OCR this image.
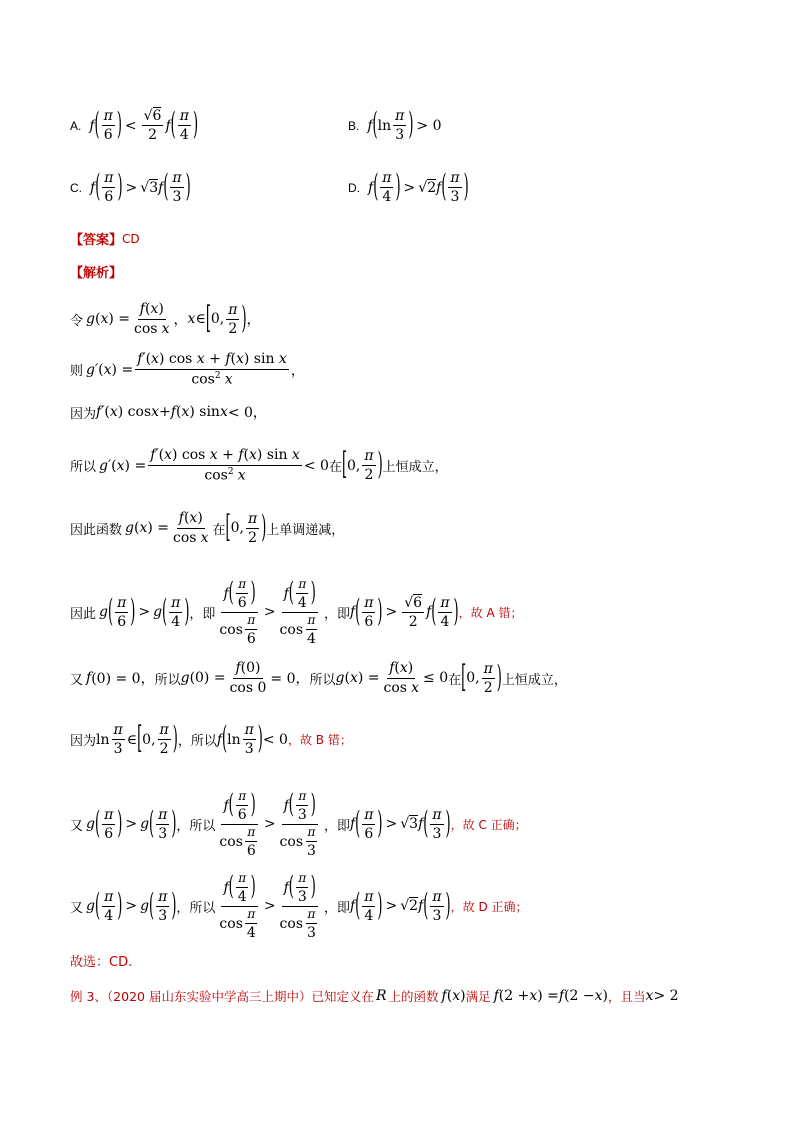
A. f ( $\frac{\pi}{6}$ ) < $\frac{√6}{2}$ f ( $\frac{\pi}{4}$ )	B. f ( $\ln \frac{\pi}{3}$ ) > 0
C. f ( $\frac{\pi}{6}$ ) > √3 f ( $\frac{\pi}{3}$ )	D. f ( $\frac{\pi}{4}$ ) > √2 f ( $\frac{\pi}{3}$ )
【答案】 CD
【解析】
令 g ( x ) = $\frac{f(x)}{\text{cos x}}$ ， x ∈ [ 0, $\frac{\pi}{2}$ ) ，
则 g′ ( x ) = $\frac{\text{f′(x) cos x + f(x) sin x}}{\cos^2 x}$ ，
因为 f′ ( x ) cos x + f ( x ) sin x < 0，
所以 g′ ( x ) = $\frac{\text{f′(x) cos x + f(x) sin x}}{\cos^2 x} < 0$ 在 [ 0, $\frac{\pi}{2}$ ) 上恒成立，
因此函数 g ( x ) = $\frac{f(x)}{\text{cos x}}$ 在 [ 0, $\frac{\pi}{2}$ ) 上单调递减，
因此 g ( $\frac{\pi}{6}$ ) > g ( $\frac{\pi}{4}$ ) ，即 $\frac{f( \frac{\pi}{6} )}{\cos \frac{\pi}{6}} > \frac{f( \frac{\pi}{4} )}{\cos \frac{\pi}{4}}$ ，即 f ( $\frac{\pi}{6}$ ) > $\frac{√6}{2}$ f ( $\frac{\pi}{4}$ ) ，故 A 错；
又 f (0) = 0， 所以 g $(0) = \frac{f(0)}{\cos 0} = 0$， 所以 g ( x ) = $\frac{f(x)}{\text{cos x}} \le 0$ 在 [ 0, $\frac{\pi}{2}$ ) 上恒成立，
因为 $\ln \frac{\pi}{3}$ ∈ [ 0, $\frac{\pi}{2}$ ) ，所以 f ( $\ln \frac{\pi}{3}$ ) < 0 ，故 B 错；
又 g ( $\frac{\pi}{6}$ ) > g ( $\frac{\pi}{3}$ ) ，所以 $\frac{f( \frac{\pi}{6} )}{\cos \frac{\pi}{6}} > \frac{f( \frac{\pi}{3} )}{\cos \frac{\pi}{3}}$ ，即 f ( $\frac{\pi}{6}$ ) > √3 f ( $\frac{\pi}{3}$ ) ，故 C 正确；
又 g ( $\frac{\pi}{4}$ ) > g ( $\frac{\pi}{3}$ ) ，所以 $\frac{f( \frac{\pi}{4} )}{\cos \frac{\pi}{4}} > \frac{f( \frac{\pi}{3} )}{\cos \frac{\pi}{3}}$ ，即 f ( $\frac{\pi}{4}$ ) > √2 f ( $\frac{\pi}{3}$ ) ，故 D 正确；
故选：CD.
例 3、（2020 届山东实验中学高三上期中）已知定义在 R 上的函数 f ( x ) 满足 f (2 + x ) = f (2 − x ) ，且当 x > 2
